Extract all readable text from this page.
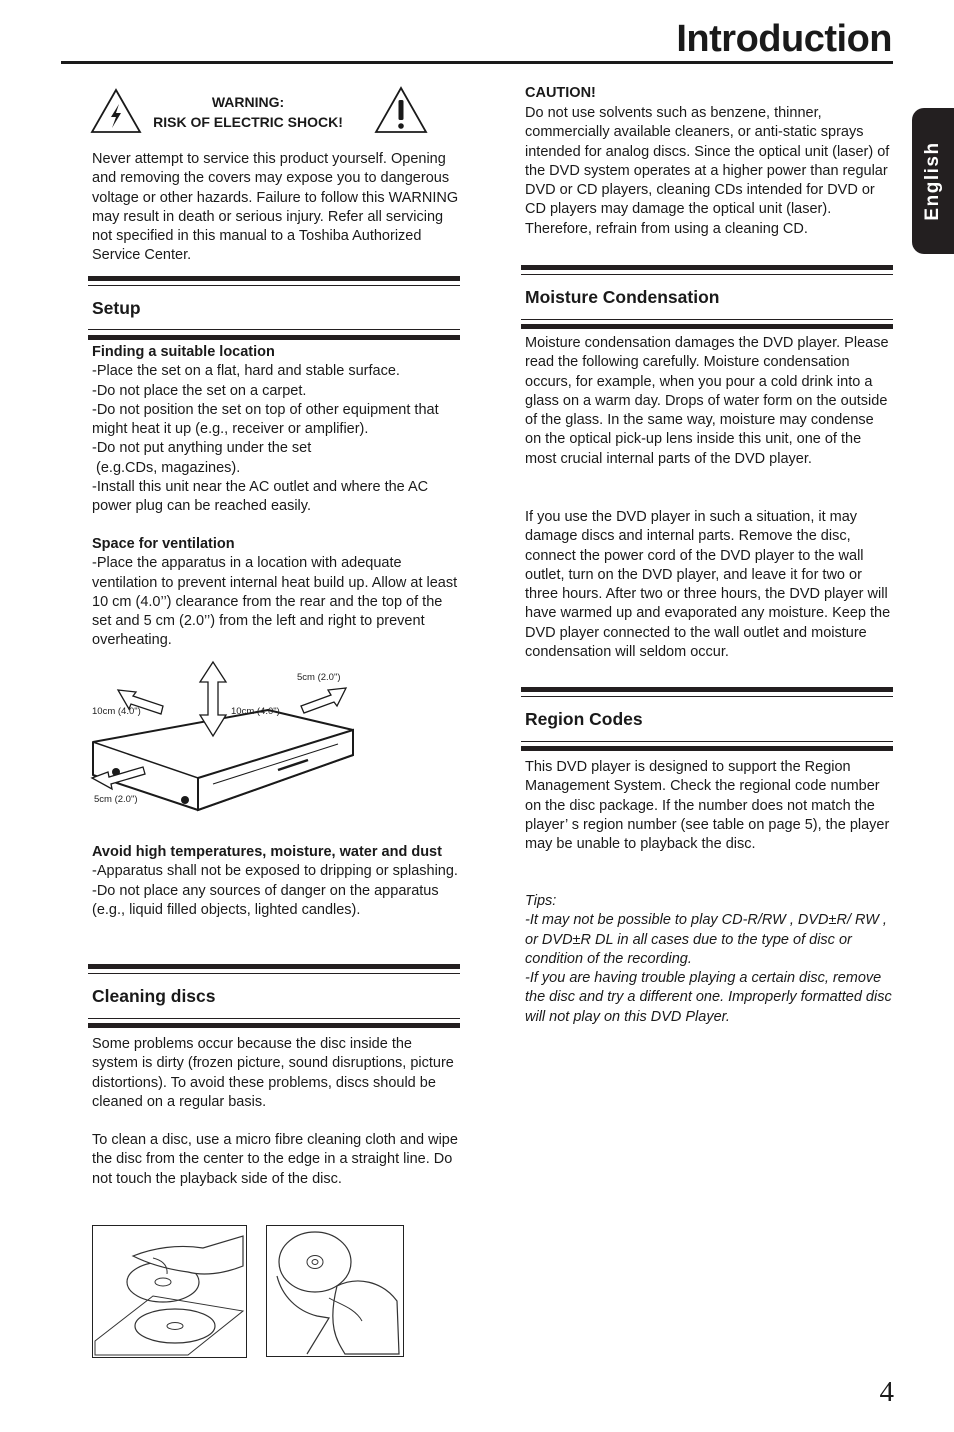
Introduction
English
WARNING:
RISK OF ELECTRIC SHOCK!

Never attempt to service this product yourself. Opening and removing the covers may expose you to dangerous voltage or other hazards. Failure to follow this WARNING may result in death or serious injury. Refer all servicing not specified in this manual to a Toshiba Authorized Service Center.

Setup
Finding a suitable location

-Place the set on a flat, hard and stable surface.

-Do not place the set on a carpet.

-Do not position the set on top of other equipment that might heat it up (e.g., receiver or amplifier).

-Do not put anything under the set

(e.g.CDs, magazines).

-Install this unit near the AC outlet and where the AC power plug can be reached easily.

Space for ventilation

-Place the apparatus in a location with adequate ventilation to prevent internal heat build up. Allow at least 10 cm (4.0’’) clearance from the rear and the top of the set and 5 cm (2.0’’) from the left and right to prevent overheating.

5cm (2.0")
10cm (4.0")	10cm (4.0")
5cm (2.0")
Avoid high temperatures, moisture, water and dust

-Apparatus shall not be exposed to dripping or splashing.

-Do not place any sources of danger on the apparatus (e.g., liquid filled objects, lighted candles).

Cleaning discs

Some problems occur because the disc inside the system is dirty (frozen picture, sound disruptions, picture distortions). To avoid these problems, discs should be cleaned on a regular basis.

To clean a disc, use a micro fibre cleaning cloth and wipe the disc from the center to the edge in a straight line. Do not touch the playback side of the disc.

CAUTION!

Do not use solvents such as benzene, thinner, commercially available cleaners, or anti-static sprays intended for analog discs. Since the optical unit (laser) of the DVD system operates at a higher power than regular DVD or CD players, cleaning CDs intended for DVD or CD players may damage the optical unit (laser). Therefore, refrain from using a cleaning CD.

Moisture Condensation

Moisture condensation damages the DVD player. Please read the following carefully. Moisture condensation occurs, for example, when you pour a cold drink into a glass on a warm day. Drops of water form on the outside of the glass. In the same way, moisture may condense on the optical pick-up lens inside this unit, one of the most crucial internal parts of the DVD player.

If you use the DVD player in such a situation, it may damage discs and internal parts. Remove the disc, connect the power cord of the DVD player to the wall outlet, turn on the DVD player, and leave it for two or three hours. After two or three hours, the DVD player will have warmed up and evaporated any moisture. Keep the DVD player connected to the wall outlet and moisture condensation will seldom occur.

Region Codes

This DVD player is designed to support the Region Management System. Check the regional code number on the disc package. If the number does not match the player’ s region number (see table on page 5), the player may be unable to playback the disc.

Tips:

-It may not be possible to play CD-R/RW , DVD±R/ RW , or DVD±R DL in all cases due to the type of disc or condition of the recording.

-If you are having trouble playing a certain disc, remove the disc and try a different one. Improperly formatted disc will not play on this DVD Player.

4
